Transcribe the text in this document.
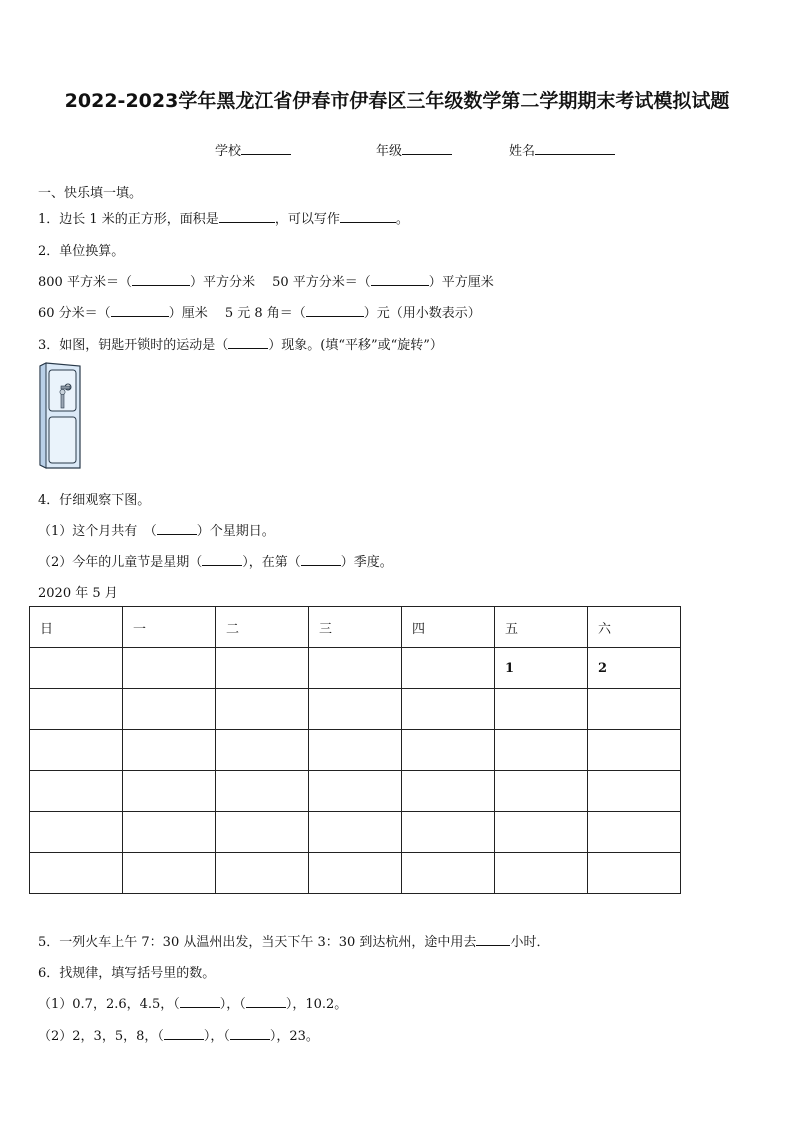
2022-2023学年黑龙江省伊春市伊春区三年级数学第二学期期末考试模拟试题
学校	年级	姓名
一、快乐填一填。
1．边长 1 米的正方形，面积是	，可以写作	。
2．单位换算。
800 平方米＝（	）平方分米　 50 平方分米＝（	）平方厘米
60 分米＝（	）厘米　 5 元 8 角＝（	）元（用小数表示）
3．如图，钥匙开锁时的运动是（	）现象。(填“平移”或“旋转”）
4．仔细观察下图。
（1）这个月共有　（	）个星期日。
（2）今年的儿童节是星期（	），在第（	）季度。
2020 年 5 月
日	一	二	三	四	五	六
					1	2

5．一列火车上午 7：30 从温州出发，当天下午 3：30 到达杭州，途中用去	小时．
6．找规律，填写括号里的数。
（1）0.7，2.6，4.5，（	），（	），10.2。
（2）2，3，5，8，（	），（	），23。
